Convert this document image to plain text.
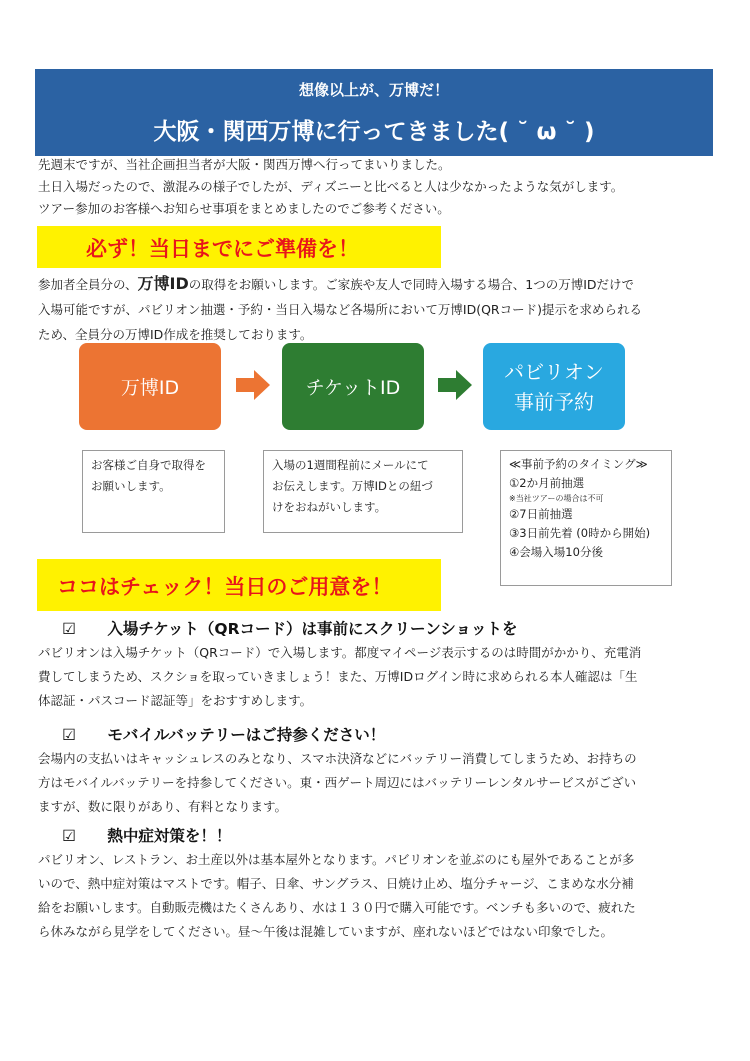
想像以上が、万博だ！
大阪・関西万博に行ってきました( ˘ ω ˘ )
先週末ですが、当社企画担当者が大阪・関西万博へ行ってまいりました。
土日入場だったので、激混みの様子でしたが、ディズニーと比べると人は少なかったような気がします。
ツアー参加のお客様へお知らせ事項をまとめましたのでご参考ください。
必ず！当日までにご準備を！
参加者全員分の、万博IDの取得をお願いします。ご家族や友人で同時入場する場合、1つの万博IDだけで
入場可能ですが、パビリオン抽選・予約・当日入場など各場所において万博ID(QRコード)提示を求められる
ため、全員分の万博ID作成を推奨しております。
万博ID	チケットID
パビリオン
事前予約
お客様ご自身で取得を
お願いします。
入場の1週間程前にメールにて
お伝えします。万博IDとの紐づ
けをおねがいします。
≪事前予約のタイミング≫
①2か月前抽選
※当社ツアーの場合は不可
②7日前抽選
③3日前先着 (0時から開始)
④会場入場10分後
ココはチェック！当日のご用意を！
☑ 入場チケット（QRコード）は事前にスクリーンショットを
パビリオンは入場チケット（QRコード）で入場します。都度マイページ表示するのは時間がかかり、充電消
費してしまうため、スクショを取っていきましょう！また、万博IDログイン時に求められる本人確認は「生
体認証・パスコード認証等」をおすすめします。
☑ モバイルバッテリーはご持参ください！
会場内の支払いはキャッシュレスのみとなり、スマホ決済などにバッテリー消費してしまうため、お持ちの
方はモバイルバッテリーを持参してください。東・西ゲート周辺にはバッテリーレンタルサービスがござい
ますが、数に限りがあり、有料となります。
☑ 熱中症対策を！！
パビリオン、レストラン、お土産以外は基本屋外となります。パビリオンを並ぶのにも屋外であることが多
いので、熱中症対策はマストです。帽子、日傘、サングラス、日焼け止め、塩分チャージ、こまめな水分補
給をお願いします。自動販売機はたくさんあり、水は１３０円で購入可能です。ベンチも多いので、疲れた
ら休みながら見学をしてください。昼～午後は混雑していますが、座れないほどではない印象でした。
